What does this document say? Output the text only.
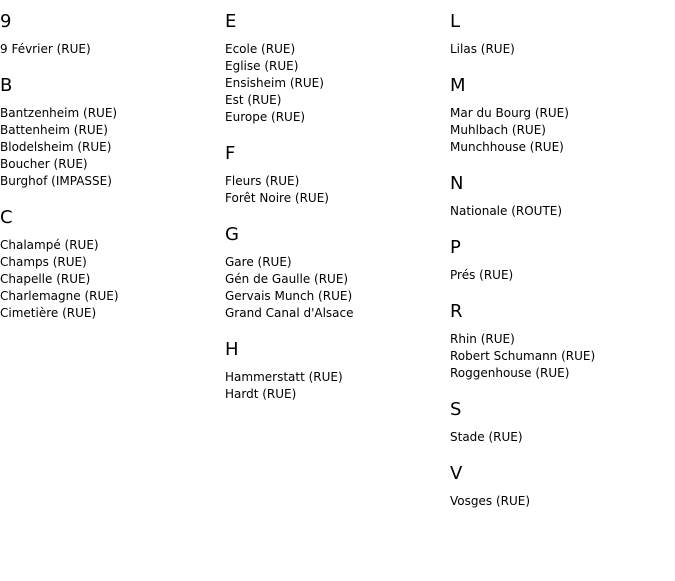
9
9 Février (RUE)
B
Bantzenheim (RUE)
Battenheim (RUE)
Blodelsheim (RUE)
Boucher (RUE)
Burghof (IMPASSE)
C
Chalampé (RUE)
Champs (RUE)
Chapelle (RUE)
Charlemagne (RUE)
Cimetière (RUE)
E
Ecole (RUE)
Eglise (RUE)
Ensisheim (RUE)
Est (RUE)
Europe (RUE)
F
Fleurs (RUE)
Forêt Noire (RUE)
G
Gare (RUE)
Gén de Gaulle (RUE)
Gervais Munch (RUE)
Grand Canal d'Alsace
H
Hammerstatt (RUE)
Hardt (RUE)
L
Lilas (RUE)
M
Mar du Bourg (RUE)
Muhlbach (RUE)
Munchhouse (RUE)
N
Nationale (ROUTE)
P
Prés (RUE)
R
Rhin (RUE)
Robert Schumann (RUE)
Roggenhouse (RUE)
S
Stade (RUE)
V
Vosges (RUE)
